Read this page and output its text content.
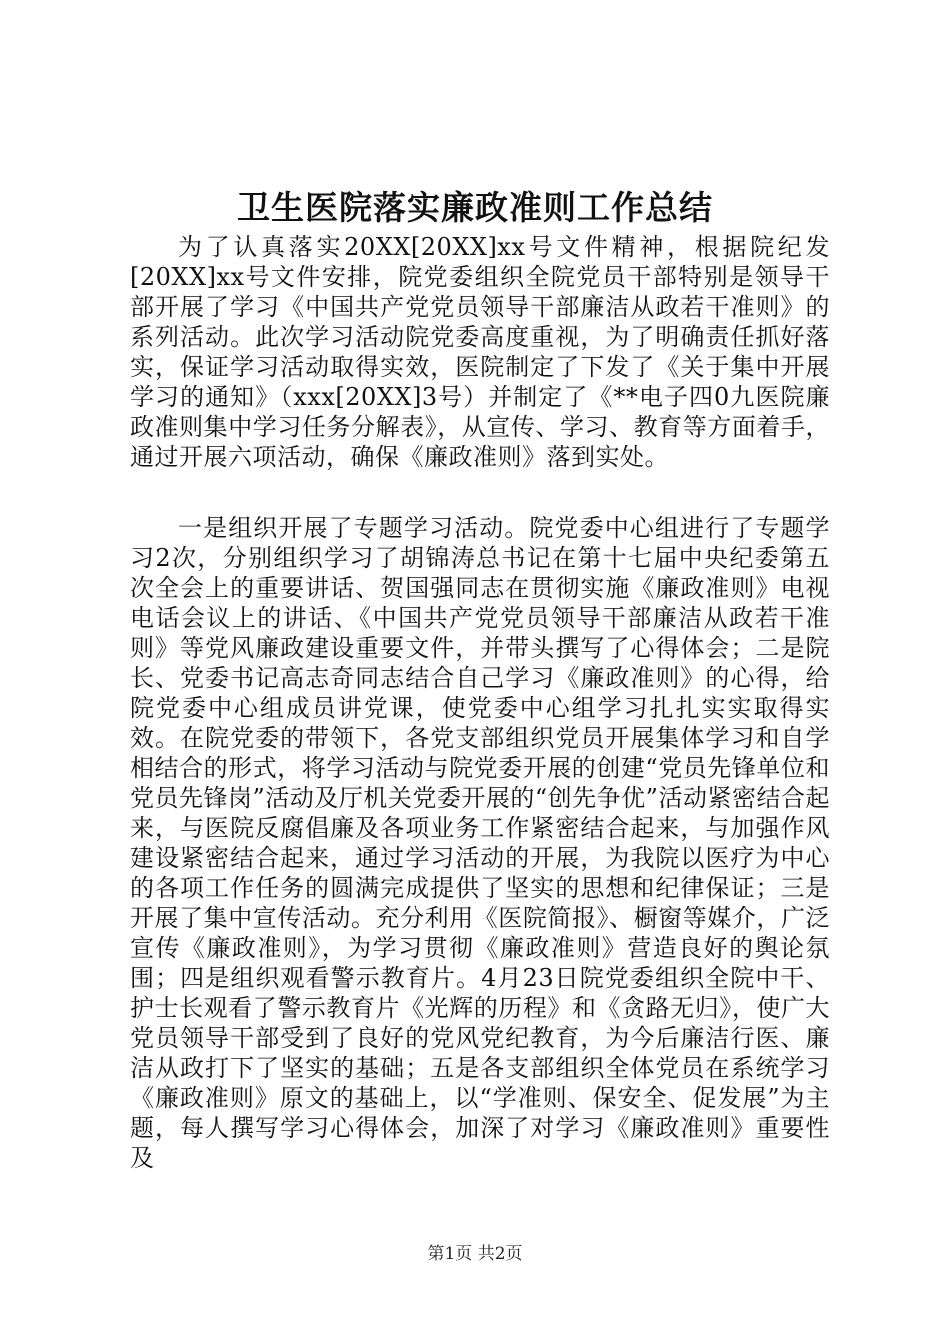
卫生医院落实廉政准则工作总结

为了认真落实20XX[20XX]xx号文件精神，根据院纪发[20XX]xx号文件安排，院党委组织全院党员干部特别是领导干部开展了学习《中国共产党党员领导干部廉洁从政若干准则》的系列活动。此次学习活动院党委高度重视，为了明确责任抓好落实，保证学习活动取得实效，医院制定了下发了《关于集中开展学习的通知》（xxx[20XX]3号）并制定了《**电子四0九医院廉政准则集中学习任务分解表》，从宣传、学习、教育等方面着手，通过开展六项活动，确保《廉政准则》落到实处。

一是组织开展了专题学习活动。院党委中心组进行了专题学习2次，分别组织学习了胡锦涛总书记在第十七届中央纪委第五次全会上的重要讲话、贺国强同志在贯彻实施《廉政准则》电视电话会议上的讲话、《中国共产党党员领导干部廉洁从政若干准则》等党风廉政建设重要文件，并带头撰写了心得体会；二是院长、党委书记高志奇同志结合自己学习《廉政准则》的心得，给院党委中心组成员讲党课，使党委中心组学习扎扎实实取得实效。在院党委的带领下，各党支部组织党员开展集体学习和自学相结合的形式，将学习活动与院党委开展的创建“党员先锋单位和党员先锋岗”活动及厅机关党委开展的“创先争优”活动紧密结合起来，与医院反腐倡廉及各项业务工作紧密结合起来，与加强作风建设紧密结合起来，通过学习活动的开展，为我院以医疗为中心的各项工作任务的圆满完成提供了坚实的思想和纪律保证；三是开展了集中宣传活动。充分利用《医院简报》、橱窗等媒介，广泛宣传《廉政准则》，为学习贯彻《廉政准则》营造良好的舆论氛围；四是组织观看警示教育片。4月23日院党委组织全院中干、护士长观看了警示教育片《光辉的历程》和《贪路无归》，使广大党员领导干部受到了良好的党风党纪教育，为今后廉洁行医、廉洁从政打下了坚实的基础；五是各支部组织全体党员在系统学习《廉政准则》原文的基础上，以“学准则、保安全、促发展”为主题，每人撰写学习心得体会，加深了对学习《廉政准则》重要性及

第1页 共2页
